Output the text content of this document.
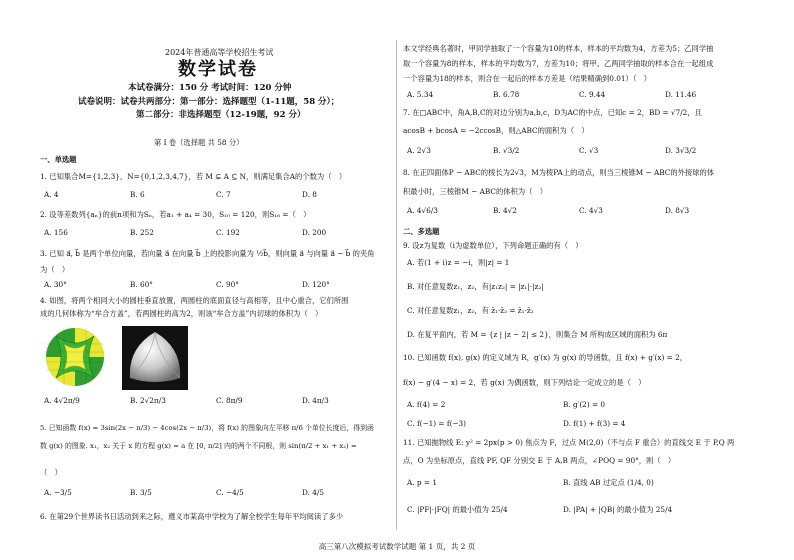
2024年普通高等学校招生考试
数学试卷
本试卷满分：150 分 考试时间：120 分钟
试卷说明：试卷共两部分：第一部分：选择题型（1-11题，58 分）；
第二部分：非选择题型（12-19题，92 分）
第 I 卷（选择题 共 58 分）
一、单选题
1. 已知集合M={1,2,3}，N={0,1,2,3,4,7}，若 M ⊊ A ⊆ N，则满足集合A的个数为（　）
A. 4	B. 6	C. 7	D. 8
2. 设等差数列{aₙ}的前n项和为Sₙ，若a₁ + a₄ = 30，S₁₀ = 120，则S₁₆ =（　）
A. 156	B. 252	C. 192	D. 200
3. 已知 a⃗, b⃗ 是两个单位向量，若向量 a⃗ 在向量 b⃗ 上的投影向量为 ½b⃗，则向量 a⃗ 与向量 a⃗ − b⃗ 的夹角
为（　）
A. 30°	B. 60°	C. 90°	D. 120°
4. 如图，将两个相同大小的圆柱垂直放置，两圆柱的底面直径与高相等，且中心重合，它们所围
成的几何体称为“牟合方盖”，若两圆柱的高为2，则该“牟合方盖”内切球的体积为（　）
A. 4√2π/9	B. 2√2π/3	C. 8π/9	D. 4π/3
5. 已知函数 f(x) = 3sin(2x − π/3) − 4cos(2x − π/3)，将 f(x) 的图象向左平移 π/6 个单位长度后，得到函
数 g(x) 的图象. x₁，x₂ 关于 x 的方程 g(x) = a 在 [0, π/2] 内的两个不同根，则 sin(π/2 + x₁ + x₂) =
（　）
A. −3/5	B. 3/5	C. −4/5	D. 4/5
6. 在第29个世界读书日活动到来之际，遵义市某高中学校为了解全校学生每年平均阅读了多少
本文学经典名著时，甲同学抽取了一个容量为10的样本，样本的平均数为4，方差为5；乙同学抽
取一个容量为8的样本，样本的平均数为7，方差为10；将甲、乙两同学抽取的样本合在一起组成
一个容量为18的样本，则合在一起后的样本方差是（结果精确到0.01）（　）
A. 5.34	B. 6.78	C. 9.44	D. 11.46
7. 在□ABC中，角A,B,C的对边分别为a,b,c，D为AC的中点，已知c = 2，BD = √7/2，且
acosB + bcosA = −2ccosB，则△ABC的面积为（　）
A. 2√3	B. √3/2	C. √3	D. 3√3/2
8. 在正四面体P − ABC的棱长为2√3，M为棱PA上的动点，则当三棱锥M − ABC的外接球的体
积最小时，三棱锥M − ABC的体积为（　）
A. 4√6/3	B. 4√2	C. 4√3	D. 8√3
二、多选题
9. 设z为复数（i为虚数单位），下列命题正确的有（　）
A. 若(1 + i)z = −i，则|z| = 1
B. 对任意复数z₁，z₂，有|z₁z₂| = |z₁|·|z₂|
C. 对任意复数z₁，z₂，有 z̄₁·z̄₂ = z̄₁·z̄₂
D. 在复平面内，若 M = {z | |z − 2| ≤ 2}，则集合 M 所构成区域的面积为 6π
10. 已知函数 f(x), g(x) 的定义域为 R，g′(x) 为 g(x) 的导函数，且 f(x) + g′(x) = 2，
f(x) − g′(4 − x) = 2，若 g(x) 为偶函数，则下列结论一定成立的是（　）
A. f(4) = 2	B. g′(2) = 0
C. f(−1) = f(−3)	D. f(1) + f(3) = 4
11. 已知抛物线 E: y² = 2px(p > 0) 焦点为 F，过点 M(2,0)（不与点 F 重合）的直线交 E 于 P,Q 两
点，O 为坐标原点，直线 PF, QF 分别交 E 于 A,B 两点，∠POQ = 90°，则（　）
A. p = 1	B. 直线 AB 过定点 (1/4, 0)
C. |PF|·|FQ| 的最小值为 25/4	D. |PA| + |QB| 的最小值为 25/4
高三第八次模拟考试数学试题 第 1 页，共 2 页
